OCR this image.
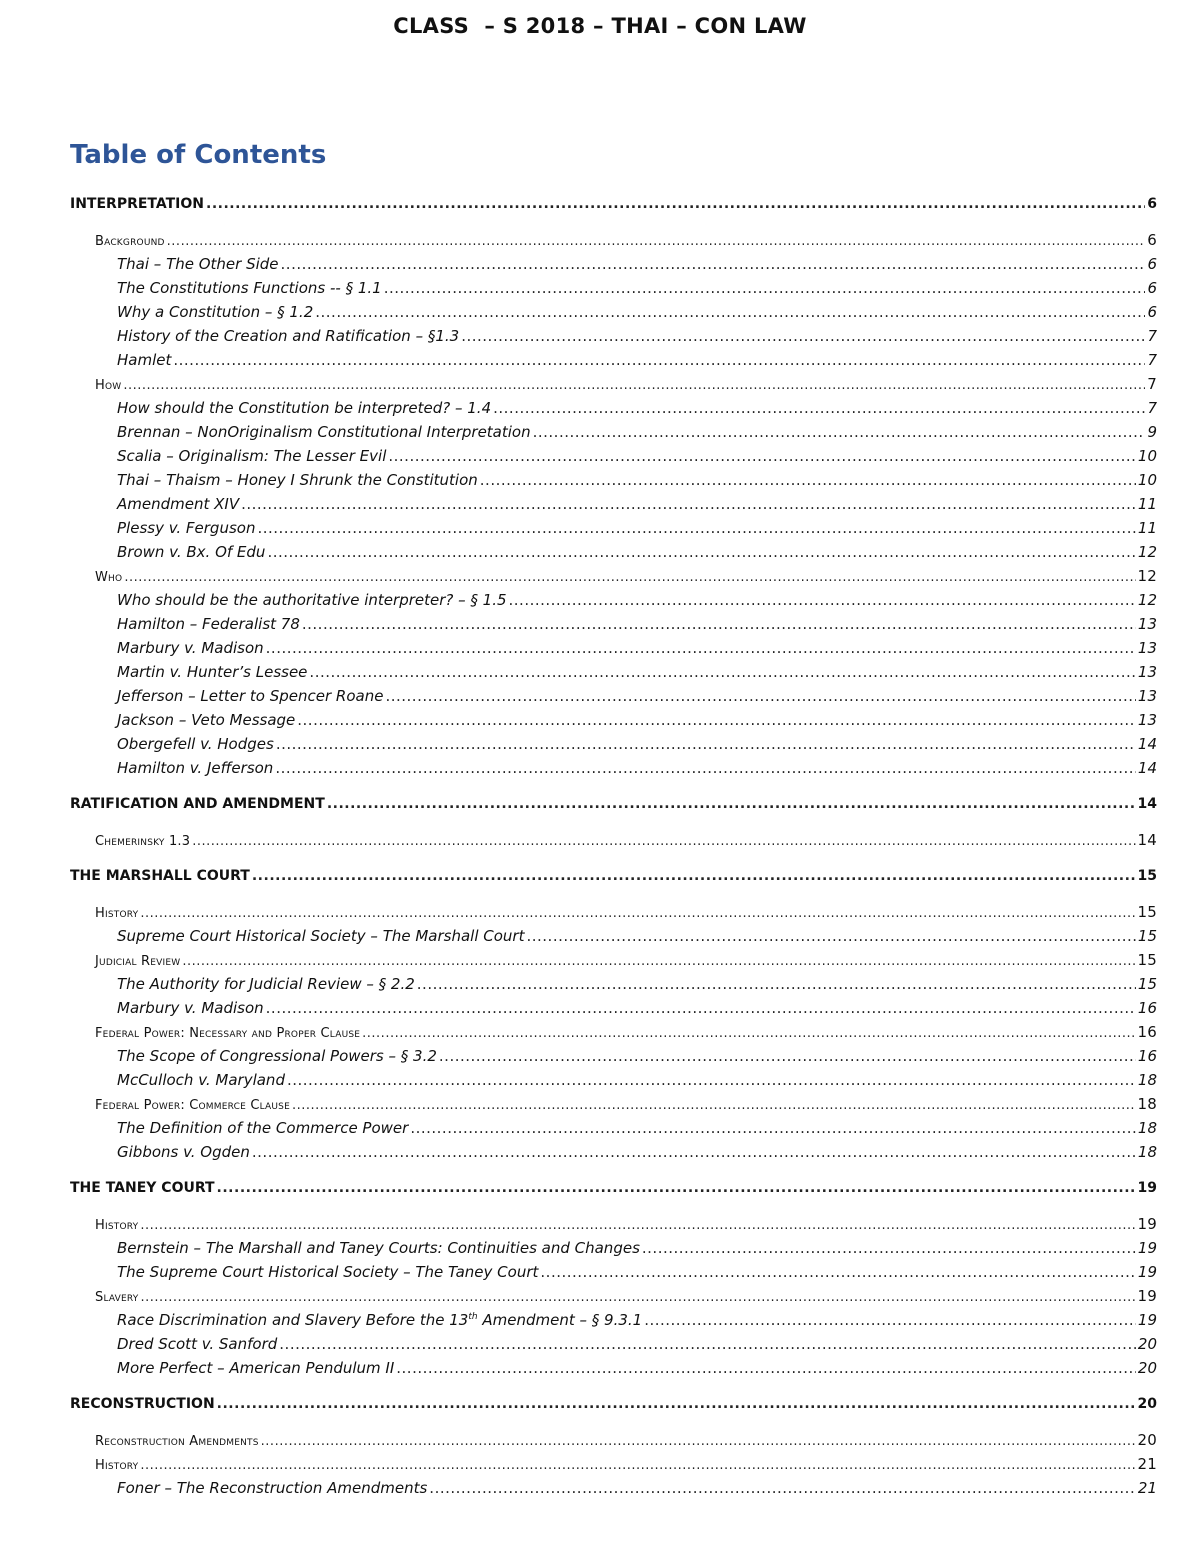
CLASS  – S 2018 – THAI – CON LAW
Table of Contents
INTERPRETATION .....	6
Background .....	6
Thai – The Other Side .....	6
The Constitutions Functions -- § 1.1 .....	6
Why a Constitution – § 1.2 .....	6
History of the Creation and Ratification – §1.3 .....	7
Hamlet .....	7
How .....	7
How should the Constitution be interpreted? – 1.4 .....	7
Brennan – NonOriginalism Constitutional Interpretation .....	9
Scalia – Originalism: The Lesser Evil .....	10
Thai – Thaism – Honey I Shrunk the Constitution .....	10
Amendment XIV .....	11
Plessy v. Ferguson .....	11
Brown v. Bx. Of Edu .....	12
Who .....	12
Who should be the authoritative interpreter? – § 1.5 .....	12
Hamilton – Federalist 78 .....	13
Marbury v. Madison .....	13
Martin v. Hunter’s Lessee .....	13
Jefferson – Letter to Spencer Roane .....	13
Jackson – Veto Message .....	13
Obergefell v. Hodges .....	14
Hamilton v. Jefferson .....	14
RATIFICATION AND AMENDMENT .....	14
Chemerinsky 1.3 .....	14
THE MARSHALL COURT .....	15
History .....	15
Supreme Court Historical Society – The Marshall Court .....	15
Judicial Review .....	15
The Authority for Judicial Review – § 2.2 .....	15
Marbury v. Madison .....	16
Federal Power: Necessary and Proper Clause .....	16
The Scope of Congressional Powers – § 3.2 .....	16
McCulloch v. Maryland .....	18
Federal Power: Commerce Clause .....	18
The Definition of the Commerce Power .....	18
Gibbons v. Ogden .....	18
THE TANEY COURT .....	19
History .....	19
Bernstein – The Marshall and Taney Courts: Continuities and Changes .....	19
The Supreme Court Historical Society – The Taney Court .....	19
Slavery .....	19
Race Discrimination and Slavery Before the 13th Amendment – § 9.3.1 .....	19
Dred Scott v. Sanford .....	20
More Perfect – American Pendulum II .....	20
RECONSTRUCTION .....	20
Reconstruction Amendments .....	20
History .....	21
Foner – The Reconstruction Amendments .....	21
